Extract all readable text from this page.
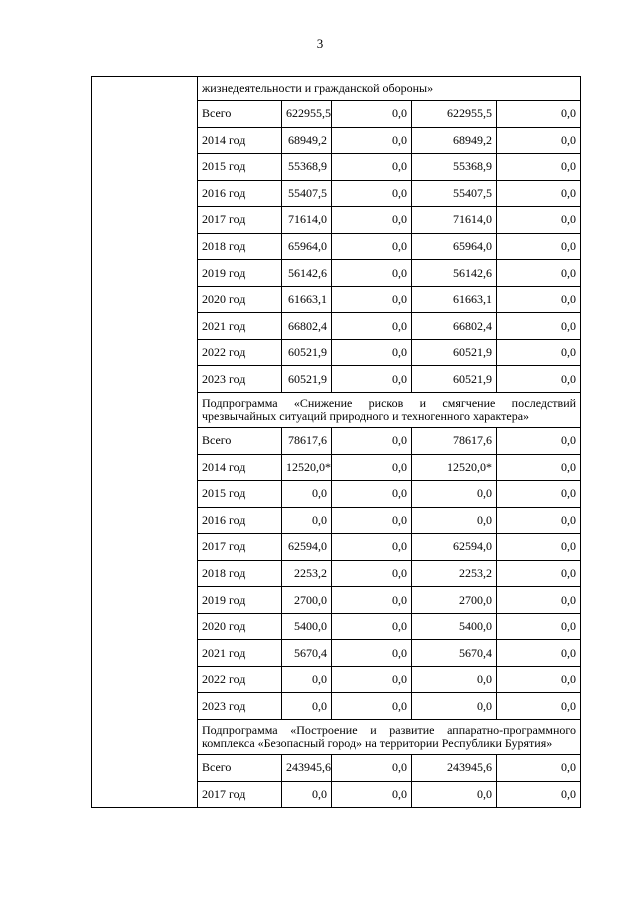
3
	жизнедеятельности и гражданской обороны»				
	Всего	622955,5	0,0	622955,5	0,0
	2014 год	68949,2	0,0	68949,2	0,0
	2015 год	55368,9	0,0	55368,9	0,0
	2016 год	55407,5	0,0	55407,5	0,0
	2017 год	71614,0	0,0	71614,0	0,0
	2018 год	65964,0	0,0	65964,0	0,0
	2019 год	56142,6	0,0	56142,6	0,0
	2020 год	61663,1	0,0	61663,1	0,0
	2021 год	66802,4	0,0	66802,4	0,0
	2022 год	60521,9	0,0	60521,9	0,0
	2023 год	60521,9	0,0	60521,9	0,0
	Подпрограмма «Снижение рисков и смягчение последствий чрезвычайных ситуаций природного и техногенного характера»				
	Всего	78617,6	0,0	78617,6	0,0
	2014 год	12520,0*	0,0	12520,0*	0,0
	2015 год	0,0	0,0	0,0	0,0
	2016 год	0,0	0,0	0,0	0,0
	2017 год	62594,0	0,0	62594,0	0,0
	2018 год	2253,2	0,0	2253,2	0,0
	2019 год	2700,0	0,0	2700,0	0,0
	2020 год	5400,0	0,0	5400,0	0,0
	2021 год	5670,4	0,0	5670,4	0,0
	2022 год	0,0	0,0	0,0	0,0
	2023 год	0,0	0,0	0,0	0,0
	Подпрограмма «Построение и развитие аппаратно-программного комплекса «Безопасный город» на территории Республики Бурятия»				
	Всего	243945,6	0,0	243945,6	0,0
	2017 год	0,0	0,0	0,0	0,0
